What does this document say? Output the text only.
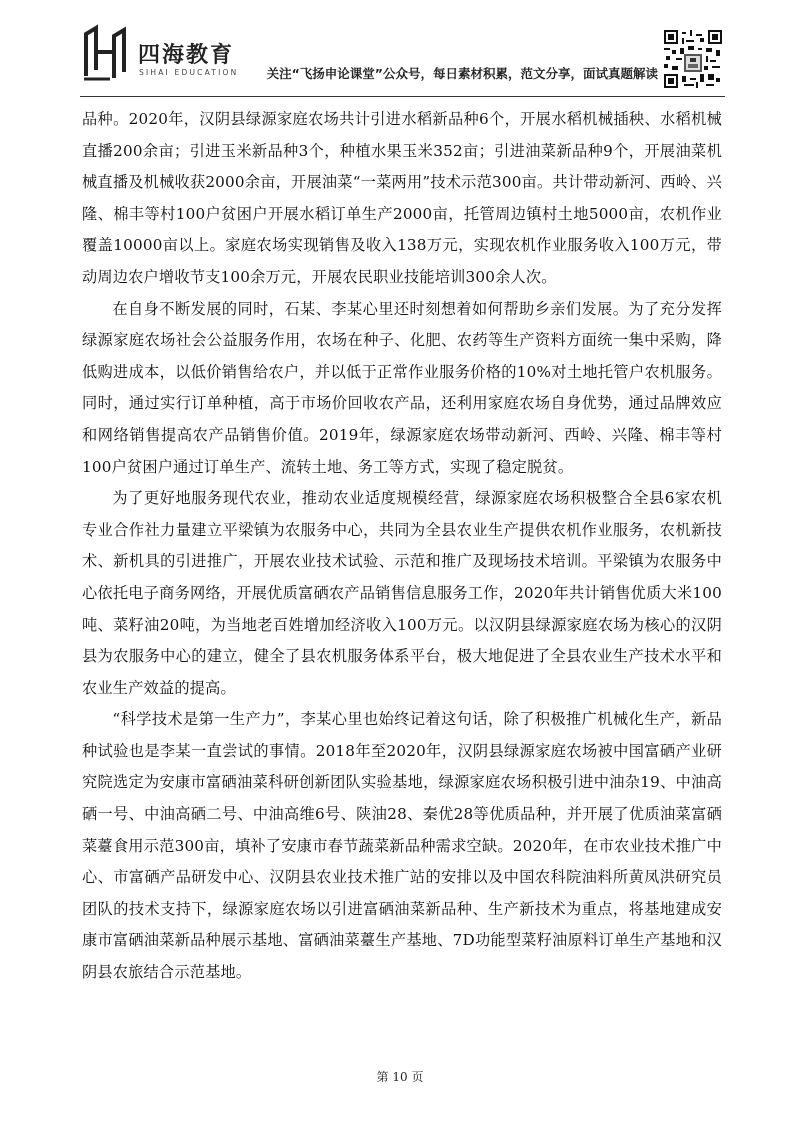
四海教育
SIHAI EDUCATION 关注“飞扬申论课堂”公众号，每日素材积累，范文分享，面试真题解读

品种。2020年，汉阴县绿源家庭农场共计引进水稻新品种6个，开展水稻机械插秧、水稻机械直播200余亩；引进玉米新品种3个，种植水果玉米352亩；引进油菜新品种9个，开展油菜机械直播及机械收获2000余亩，开展油菜“一菜两用”技术示范300亩。共计带动新河、西岭、兴隆、棉丰等村100户贫困户开展水稻订单生产2000亩，托管周边镇村土地5000亩，农机作业覆盖10000亩以上。家庭农场实现销售及收入138万元，实现农机作业服务收入100万元，带动周边农户增收节支100余万元，开展农民职业技能培训300余人次。

在自身不断发展的同时，石某、李某心里还时刻想着如何帮助乡亲们发展。为了充分发挥绿源家庭农场社会公益服务作用，农场在种子、化肥、农药等生产资料方面统一集中采购，降低购进成本，以低价销售给农户，并以低于正常作业服务价格的10%对土地托管户农机服务。同时，通过实行订单种植，高于市场价回收农产品，还利用家庭农场自身优势，通过品牌效应和网络销售提高农产品销售价值。2019年，绿源家庭农场带动新河、西岭、兴隆、棉丰等村100户贫困户通过订单生产、流转土地、务工等方式，实现了稳定脱贫。

为了更好地服务现代农业，推动农业适度规模经营，绿源家庭农场积极整合全县6家农机专业合作社力量建立平梁镇为农服务中心，共同为全县农业生产提供农机作业服务，农机新技术、新机具的引进推广，开展农业技术试验、示范和推广及现场技术培训。平梁镇为农服务中心依托电子商务网络，开展优质富硒农产品销售信息服务工作，2020年共计销售优质大米100吨、菜籽油20吨，为当地老百姓增加经济收入100万元。以汉阴县绿源家庭农场为核心的汉阴县为农服务中心的建立，健全了县农机服务体系平台，极大地促进了全县农业生产技术水平和农业生产效益的提高。

“科学技术是第一生产力”，李某心里也始终记着这句话，除了积极推广机械化生产，新品种试验也是李某一直尝试的事情。2018年至2020年，汉阴县绿源家庭农场被中国富硒产业研究院选定为安康市富硒油菜科研创新团队实验基地，绿源家庭农场积极引进中油杂19、中油高硒一号、中油高硒二号、中油高维6号、陕油28、秦优28等优质品种，并开展了优质油菜富硒菜薹食用示范300亩，填补了安康市春节蔬菜新品种需求空缺。2020年，在市农业技术推广中心、市富硒产品研发中心、汉阴县农业技术推广站的安排以及中国农科院油料所黄凤洪研究员团队的技术支持下，绿源家庭农场以引进富硒油菜新品种、生产新技术为重点，将基地建成安康市富硒油菜新品种展示基地、富硒油菜薹生产基地、7D功能型菜籽油原料订单生产基地和汉阴县农旅结合示范基地。

第 10 页
